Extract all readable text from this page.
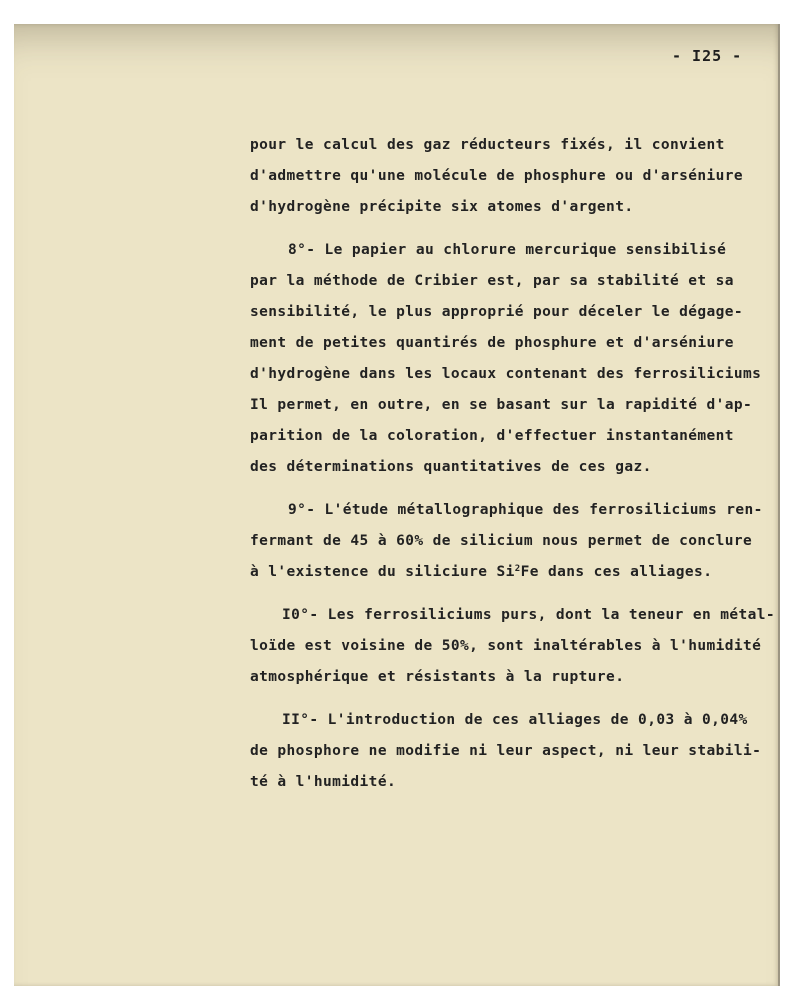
- I25 -
pour le calcul des gaz réducteurs fixés, il convient
d'admettre qu'une molécule de phosphure ou d'arséniure
d'hydrogène précipite six atomes d'argent.
8°- Le papier au chlorure mercurique sensibilisé
par la méthode de Cribier est, par sa stabilité et sa
sensibilité, le plus approprié pour déceler le dégage-
ment de petites quantirés de phosphure et d'arséniure
d'hydrogène dans les locaux contenant des ferrosiliciums
Il permet, en outre, en se basant sur la rapidité d'ap-
parition de la coloration, d'effectuer instantanément
des déterminations quantitatives de ces gaz.
9°- L'étude métallographique des ferrosiliciums ren-
fermant de 45 à 60% de silicium nous permet de conclure
à l'existence du siliciure Si$^2$Fe dans ces alliages.
I0°- Les ferrosiliciums purs, dont la teneur en métal-
loïde est voisine de 50%, sont inaltérables à l'humidité
atmosphérique et résistants à la rupture.
II°- L'introduction de ces alliages de 0,03 à 0,04%
de phosphore ne modifie ni leur aspect, ni leur stabili-
té à l'humidité.
